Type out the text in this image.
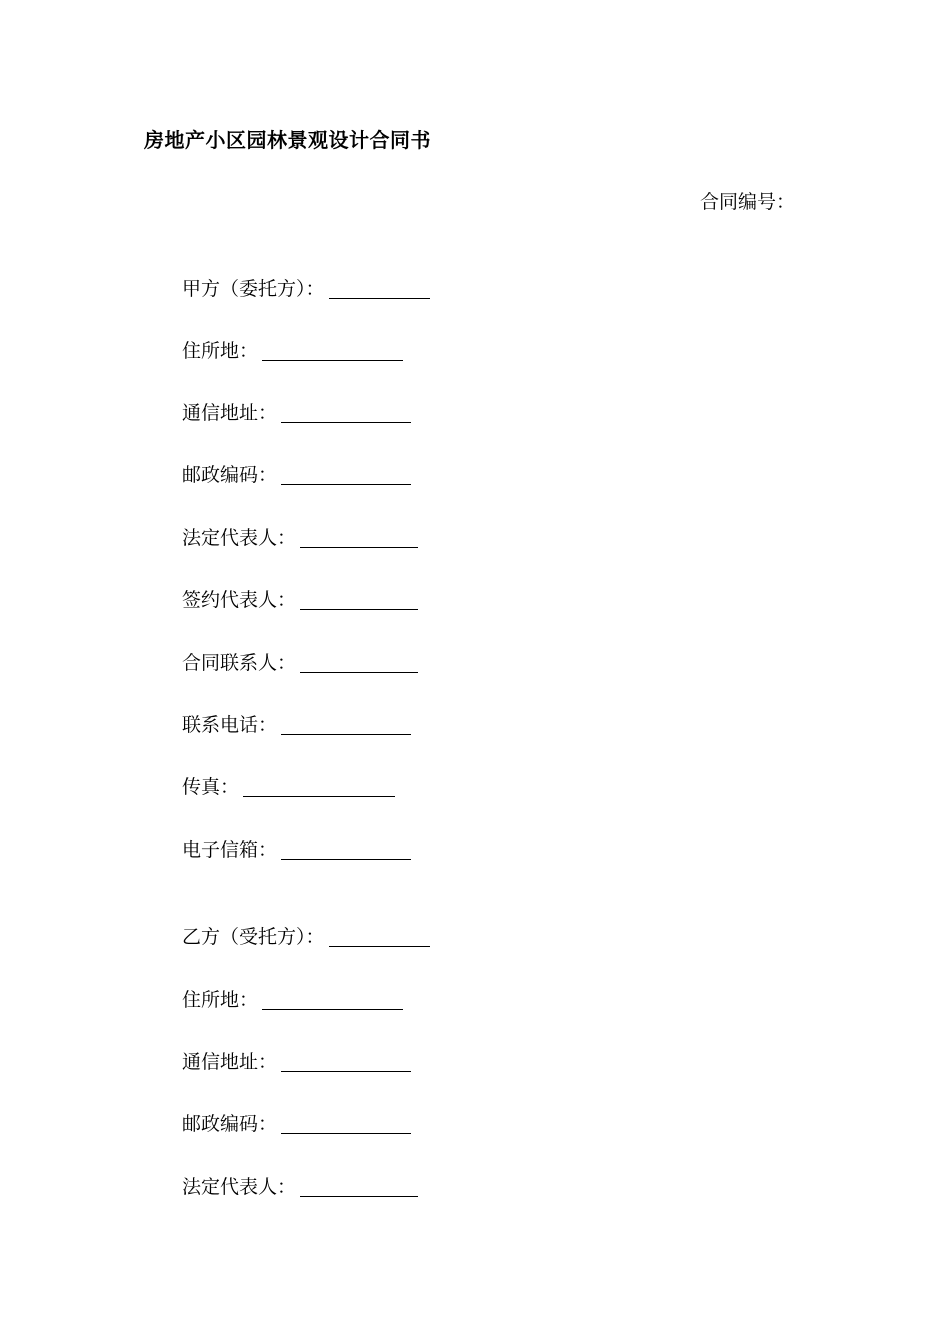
房地产小区园林景观设计合同书
合同编号：
甲方（委托方）：
住所地：
通信地址：
邮政编码：
法定代表人：
签约代表人：
合同联系人：
联系电话：
传真：
电子信箱：
乙方（受托方）：
住所地：
通信地址：
邮政编码：
法定代表人：
